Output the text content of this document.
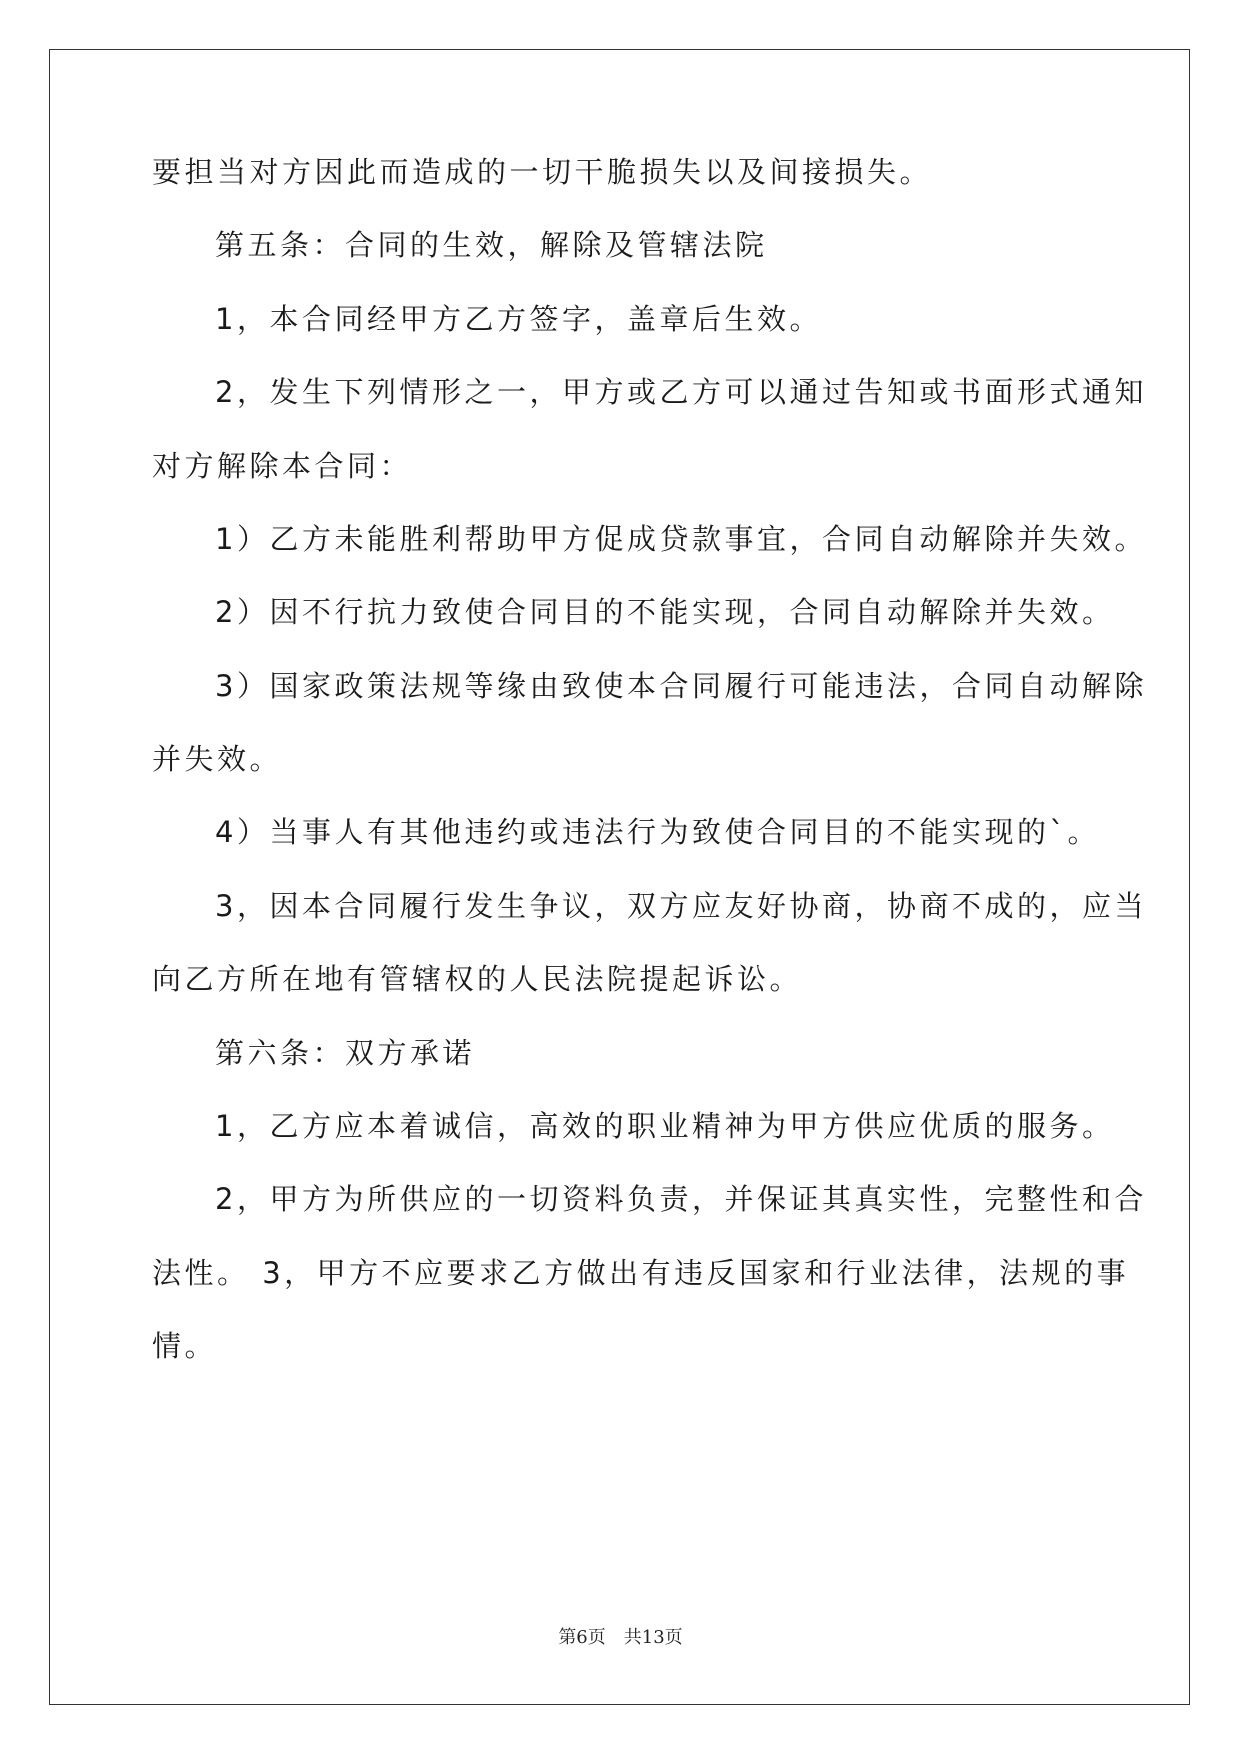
要担当对方因此而造成的一切干脆损失以及间接损失。
第五条：合同的生效，解除及管辖法院
1，本合同经甲方乙方签字，盖章后生效。
2，发生下列情形之一，甲方或乙方可以通过告知或书面形式通知
对方解除本合同：
1）乙方未能胜利帮助甲方促成贷款事宜，合同自动解除并失效。
2）因不行抗力致使合同目的不能实现，合同自动解除并失效。
3）国家政策法规等缘由致使本合同履行可能违法，合同自动解除
并失效。
4）当事人有其他违约或违法行为致使合同目的不能实现的`。
3，因本合同履行发生争议，双方应友好协商，协商不成的，应当
向乙方所在地有管辖权的人民法院提起诉讼。
第六条：双方承诺
1，乙方应本着诚信，高效的职业精神为甲方供应优质的服务。
2，甲方为所供应的一切资料负责，并保证其真实性，完整性和合
法性。 3，甲方不应要求乙方做出有违反国家和行业法律，法规的事
情。
第6页 共13页
